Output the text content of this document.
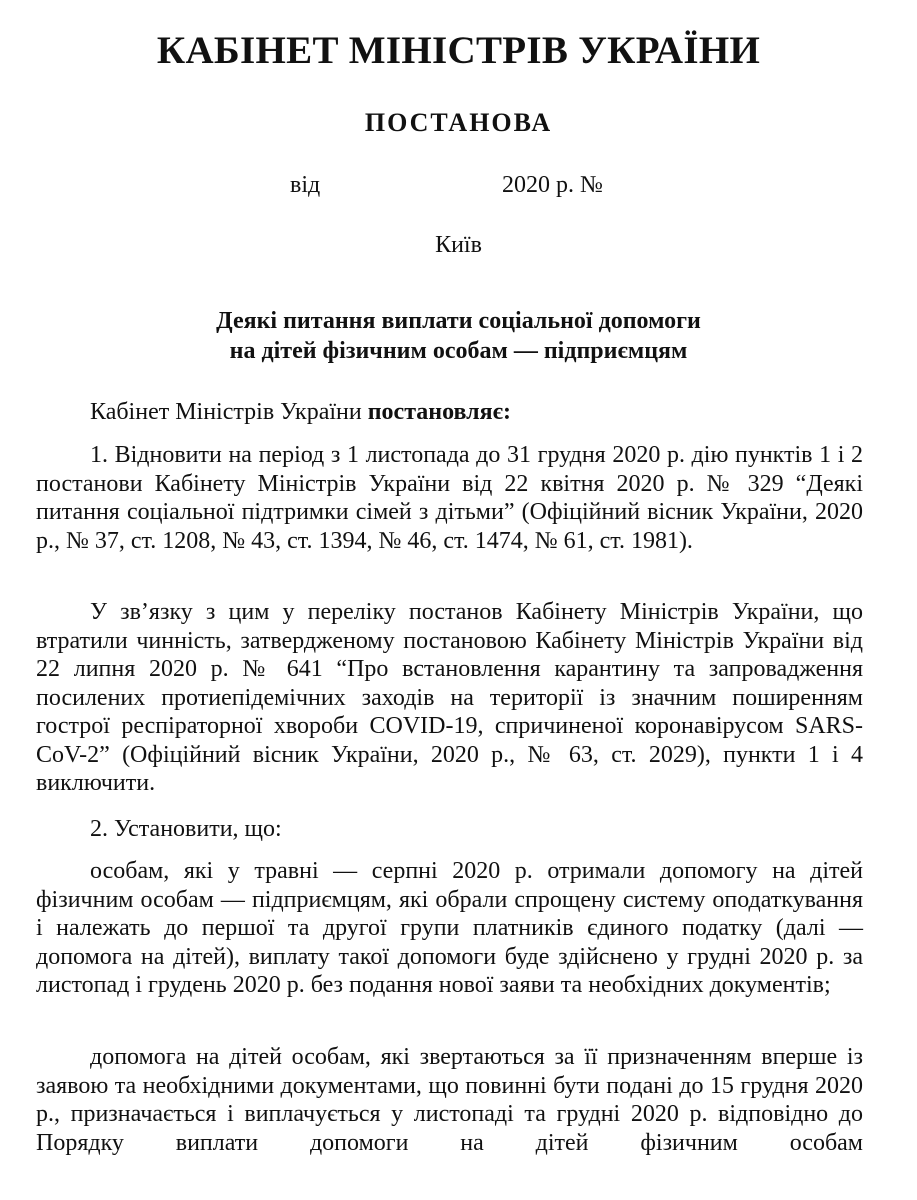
КАБІНЕТ МІНІСТРІВ УКРАЇНИ
ПОСТАНОВА
від	2020 р. №

Київ

Деякі питання виплати соціальної допомоги
на дітей фізичним особам — підприємцям

Кабінет Міністрів України постановляє:

1. Відновити на період з 1 листопада до 31 грудня 2020 р. дію пунктів 1 і 2 постанови Кабінету Міністрів України від 22 квітня 2020 р. № 329 “Деякі питання соціальної підтримки сімей з дітьми” (Офіційний вісник України, 2020 р., № 37, ст. 1208, № 43, ст. 1394, № 46, ст. 1474, № 61, ст. 1981).

У зв’язку з цим у переліку постанов Кабінету Міністрів України, що втратили чинність, затвердженому постановою Кабінету Міністрів України від 22 липня 2020 р. № 641 “Про встановлення карантину та запровадження посилених протиепідемічних заходів на території із значним поширенням гострої респіраторної хвороби COVID-19, спричиненої коронавірусом SARS-CoV-2” (Офіційний вісник України, 2020 р., № 63, ст. 2029), пункти 1 і 4 виключити.

2. Установити, що:

особам, які у травні — серпні 2020 р. отримали допомогу на дітей фізичним особам — підприємцям, які обрали спрощену систему оподаткування і належать до першої та другої групи платників єдиного податку (далі — допомога на дітей), виплату такої допомоги буде здійснено у грудні 2020 р. за листопад і грудень 2020 р. без подання нової заяви та необхідних документів;

допомога на дітей особам, які звертаються за її призначенням вперше із заявою та необхідними документами, що повинні бути подані до 15 грудня 2020 р., призначається і виплачується у листопаді та грудні 2020 р. відповідно до Порядку виплати допомоги на дітей фізичним особам
